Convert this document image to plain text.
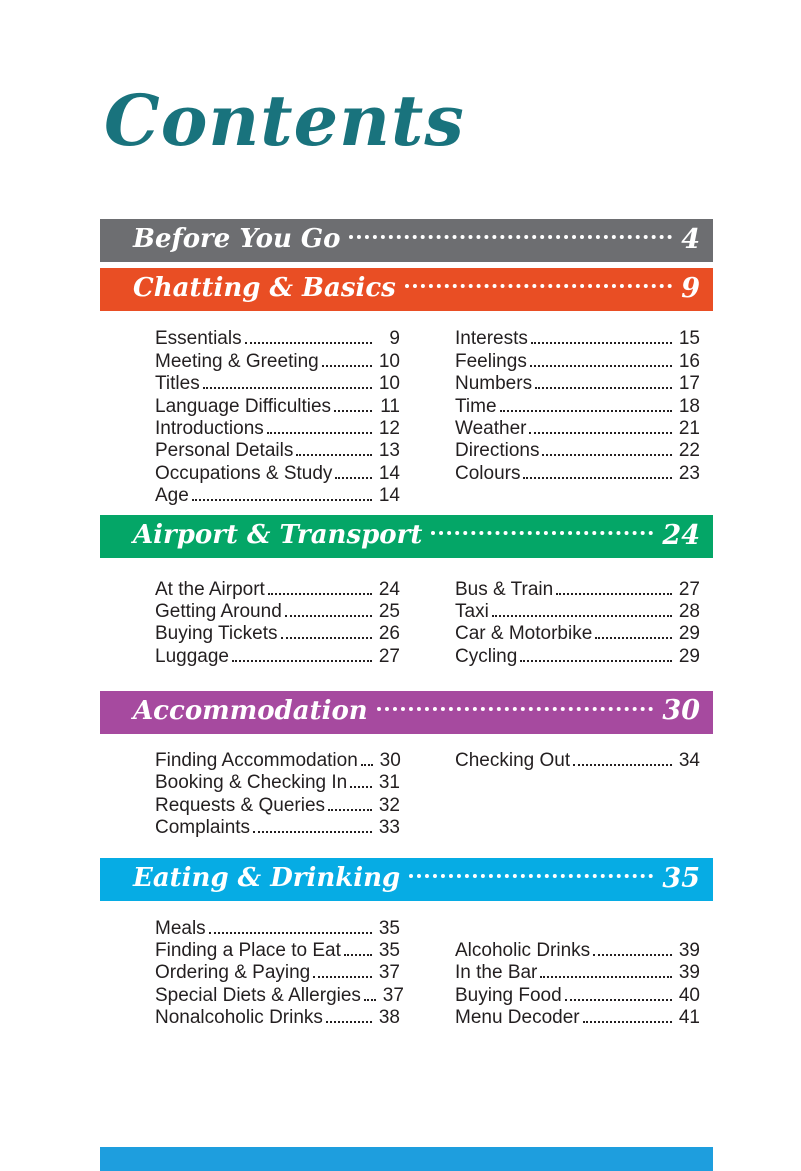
Contents
Before You Go	4
Chatting & Basics	9
Essentials	9
Meeting & Greeting	10
Titles	10
Language Difficulties	11
Introductions	12
Personal Details	13
Occupations & Study 14
Age	14
Interests	15
Feelings	16
Numbers	17
Time	18
Weather	21
Directions	22
Colours	23
Airport & Transport	24
At the Airport	24
Getting Around	25
Buying Tickets	26
Luggage	27
Bus & Train	27
Taxi	28
Car & Motorbike	29
Cycling	29
Accommodation	30
Finding Accommodation 30
Booking & Checking In 31
Requests & Queries	32
Complaints	33
Checking Out	34
Eating & Drinking	35
Meals	35
Finding a Place to Eat 35
Ordering & Paying	37
Special Diets & Allergies 37
Nonalcoholic Drinks	38
Alcoholic Drinks	39
In the Bar	39
Buying Food	40
Menu Decoder	41
